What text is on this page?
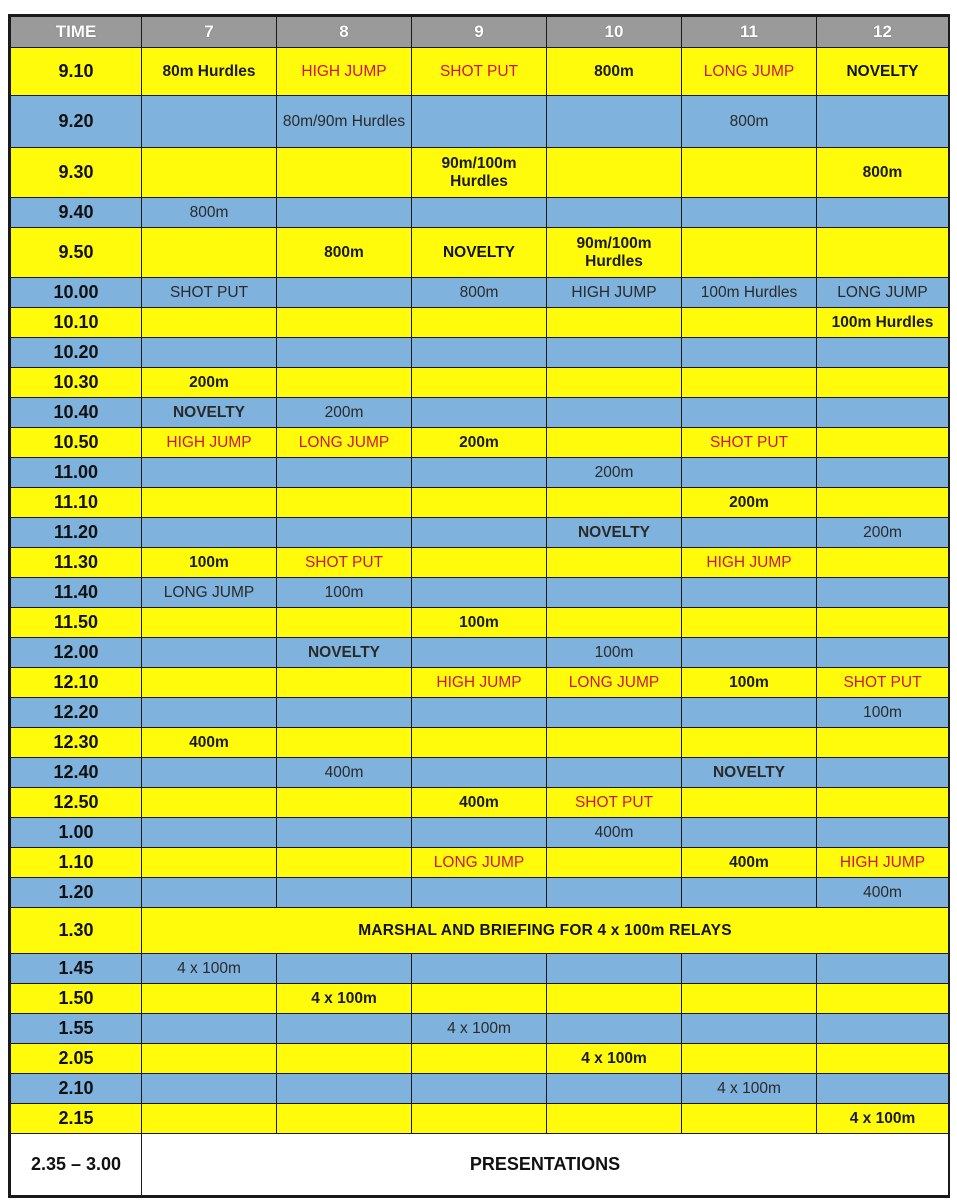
TIME	7	8	9	10	11	12
9.10	80m Hurdles	HIGH JUMP	SHOT PUT	800m	LONG JUMP	NOVELTY
9.20		80m/90m Hurdles			800m	
9.30			90m/100m Hurdles			800m
9.40	800m					
9.50		800m	NOVELTY	90m/100m Hurdles		
10.00	SHOT PUT		800m	HIGH JUMP	100m Hurdles	LONG JUMP
10.10						100m Hurdles
10.20						
10.30	200m					
10.40	NOVELTY	200m				
10.50	HIGH JUMP	LONG JUMP	200m		SHOT PUT	
11.00				200m		
11.10					200m	
11.20				NOVELTY		200m
11.30	100m	SHOT PUT			HIGH JUMP	
11.40	LONG JUMP	100m				
11.50			100m			
12.00		NOVELTY		100m		
12.10			HIGH JUMP	LONG JUMP	100m	SHOT PUT
12.20						100m
12.30	400m					
12.40		400m			NOVELTY	
12.50			400m	SHOT PUT		
1.00				400m		
1.10			LONG JUMP		400m	HIGH JUMP
1.20						400m
1.30	MARSHAL AND BRIEFING FOR 4 x 100m RELAYS					
1.45	4 x 100m					
1.50		4 x 100m				
1.55			4 x 100m			
2.05				4 x 100m		
2.10					4 x 100m	
2.15						4 x 100m
2.35 – 3.00	PRESENTATIONS					
